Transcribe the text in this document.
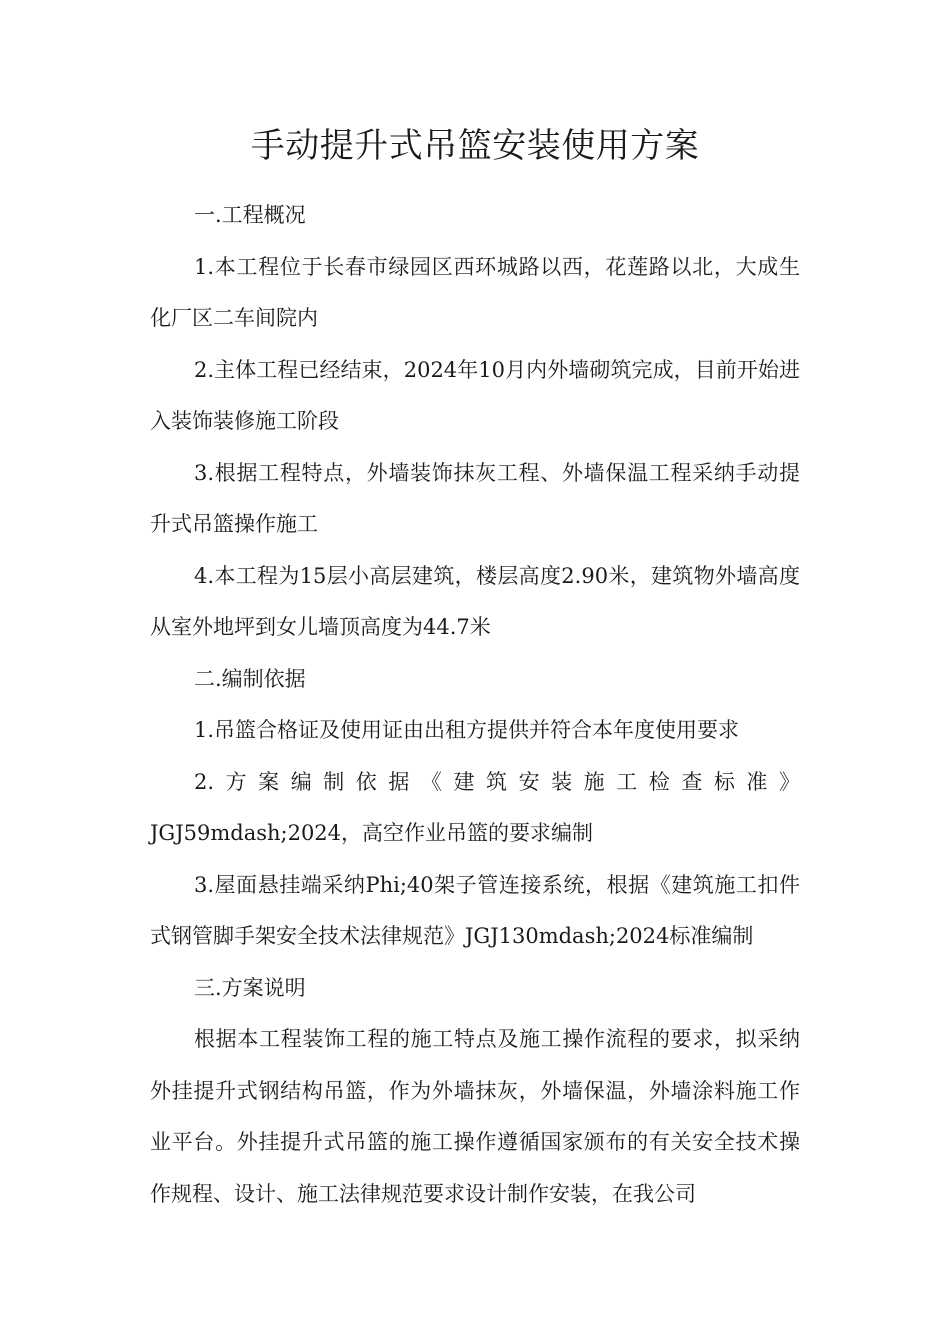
手动提升式吊篮安装使用方案

一.工程概况

1.本工程位于长春市绿园区西环城路以西，花莲路以北，大成生化厂区二车间院内

2.主体工程已经结束，2024年10月内外墙砌筑完成，目前开始进入装饰装修施工阶段

3.根据工程特点，外墙装饰抹灰工程、外墙保温工程采纳手动提升式吊篮操作施工

4.本工程为15层小高层建筑，楼层高度2.90米，建筑物外墙高度从室外地坪到女儿墙顶高度为44.7米

二.编制依据

1.吊篮合格证及使用证由出租方提供并符合本年度使用要求

2.方案编制依据《建筑安装施工检查标准》JGJ59mdash;2024，高空作业吊篮的要求编制

3.屋面悬挂端采纳Phi;40架子管连接系统，根据《建筑施工扣件式钢管脚手架安全技术法律规范》JGJ130mdash;2024标准编制

三.方案说明

根据本工程装饰工程的施工特点及施工操作流程的要求，拟采纳外挂提升式钢结构吊篮，作为外墙抹灰，外墙保温，外墙涂料施工作业平台。外挂提升式吊篮的施工操作遵循国家颁布的有关安全技术操作规程、设计、施工法律规范要求设计制作安装，在我公司
